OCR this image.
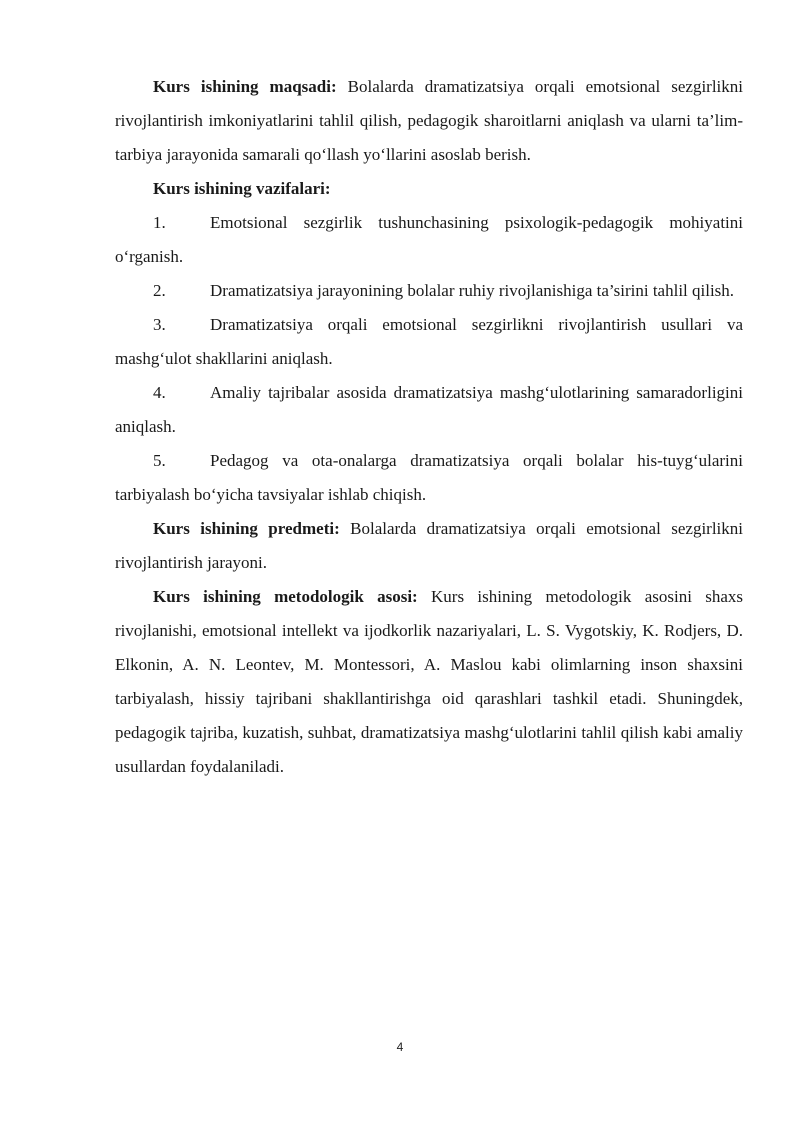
Kurs ishining maqsadi: Bolalarda dramatizatsiya orqali emotsional sezgirlikni rivojlantirish imkoniyatlarini tahlil qilish, pedagogik sharoitlarni aniqlash va ularni ta’lim-tarbiya jarayonida samarali qo‘llash yo‘llarini asoslab berish.

Kurs ishining vazifalari:

1.	Emotsional sezgirlik tushunchasining psixologik-pedagogik mohiyatini o‘rganish.

2.	Dramatizatsiya jarayonining bolalar ruhiy rivojlanishiga ta’sirini tahlil qilish.

3.	Dramatizatsiya orqali emotsional sezgirlikni rivojlantirish usullari va mashg‘ulot shakllarini aniqlash.

4.	Amaliy tajribalar asosida dramatizatsiya mashg‘ulotlarining samaradorligini aniqlash.

5.	Pedagog va ota-onalarga dramatizatsiya orqali bolalar his-tuyg‘ularini tarbiyalash bo‘yicha tavsiyalar ishlab chiqish.

Kurs ishining predmeti: Bolalarda dramatizatsiya orqali emotsional sezgirlikni rivojlantirish jarayoni.

Kurs ishining metodologik asosi: Kurs ishining metodologik asosini shaxs rivojlanishi, emotsional intellekt va ijodkorlik nazariyalari, L. S. Vygotskiy, K. Rodjers, D. Elkonin, A. N. Leontev, M. Montessori, A. Maslou kabi olimlarning inson shaxsini tarbiyalash, hissiy tajribani shakllantirishga oid qarashlari tashkil etadi. Shuningdek, pedagogik tajriba, kuzatish, suhbat, dramatizatsiya mashg‘ulotlarini tahlil qilish kabi amaliy usullardan foydalaniladi.

4
